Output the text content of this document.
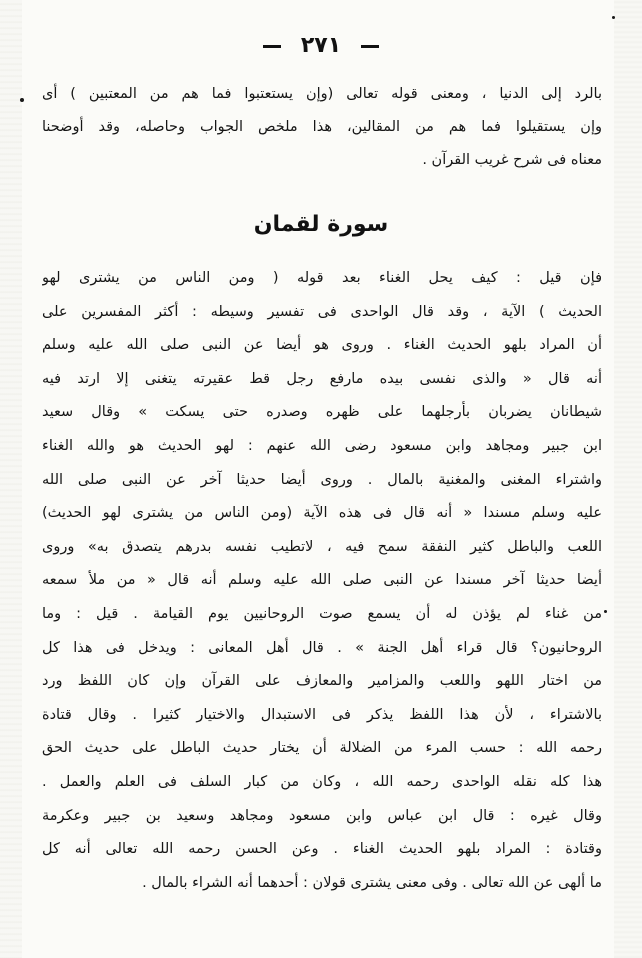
٢٧١
بالرد إلى الدنيا ، ومعنى قوله تعالى (وإن يستعتبوا فما هم من المعتبين ) أى
وإن يستقيلوا فما هم من المقالين، هذا ملخص الجواب وحاصله، وقد أوضحنا
معناه فى شرح غريب القرآن .
سورة لقمان
فإن قيل : كيف يحل الغناء بعد قوله ( ومن الناس من يشترى لهو
الحديث ) الآية ، وقد قال الواحدى فى تفسير وسيطه : أكثر المفسرين على
أن المراد بلهو الحديث الغناء . وروى هو أيضا عن النبى صلى الله عليه وسلم
أنه قال « والذى نفسى بيده مارفع رجل قط عقيرته يتغنى إلا ارتد فيه
شيطانان يضربان بأرجلهما على ظهره وصدره حتى يسكت » وقال سعيد
ابن جبير ومجاهد وابن مسعود رضى الله عنهم : لهو الحديث هو والله الغناء
واشتراء المغنى والمغنية بالمال . وروى أيضا حديثا آخر عن النبى صلى الله
عليه وسلم مسندا « أنه قال فى هذه الآية (ومن الناس من يشترى لهو الحديث)
اللعب والباطل كثير النفقة سمح فيه ، لاتطيب نفسه بدرهم يتصدق به» وروى
أيضا حديثا آخر مسندا عن النبى صلى الله عليه وسلم أنه قال « من ملأ سمعه
من غناء لم يؤذن له أن يسمع صوت الروحانيين يوم القيامة . قيل : وما
الروحانيون؟ قال قراء أهل الجنة » . قال أهل المعانى : ويدخل فى هذا كل
من اختار اللهو واللعب والمزامير والمعازف على القرآن وإن كان اللفظ ورد
بالاشتراء ، لأن هذا اللفظ يذكر فى الاستبدال والاختيار كثيرا . وقال قتادة
رحمه الله : حسب المرء من الضلالة أن يختار حديث الباطل على حديث الحق
هذا كله نقله الواحدى رحمه الله ، وكان من كبار السلف فى العلم والعمل .
وقال غيره : قال ابن عباس وابن مسعود ومجاهد وسعيد بن جبير وعكرمة
وقتادة : المراد بلهو الحديث الغناء . وعن الحسن رحمه الله تعالى أنه كل
ما ألهى عن الله تعالى . وفى معنى يشترى قولان : أحدهما أنه الشراء بالمال .
